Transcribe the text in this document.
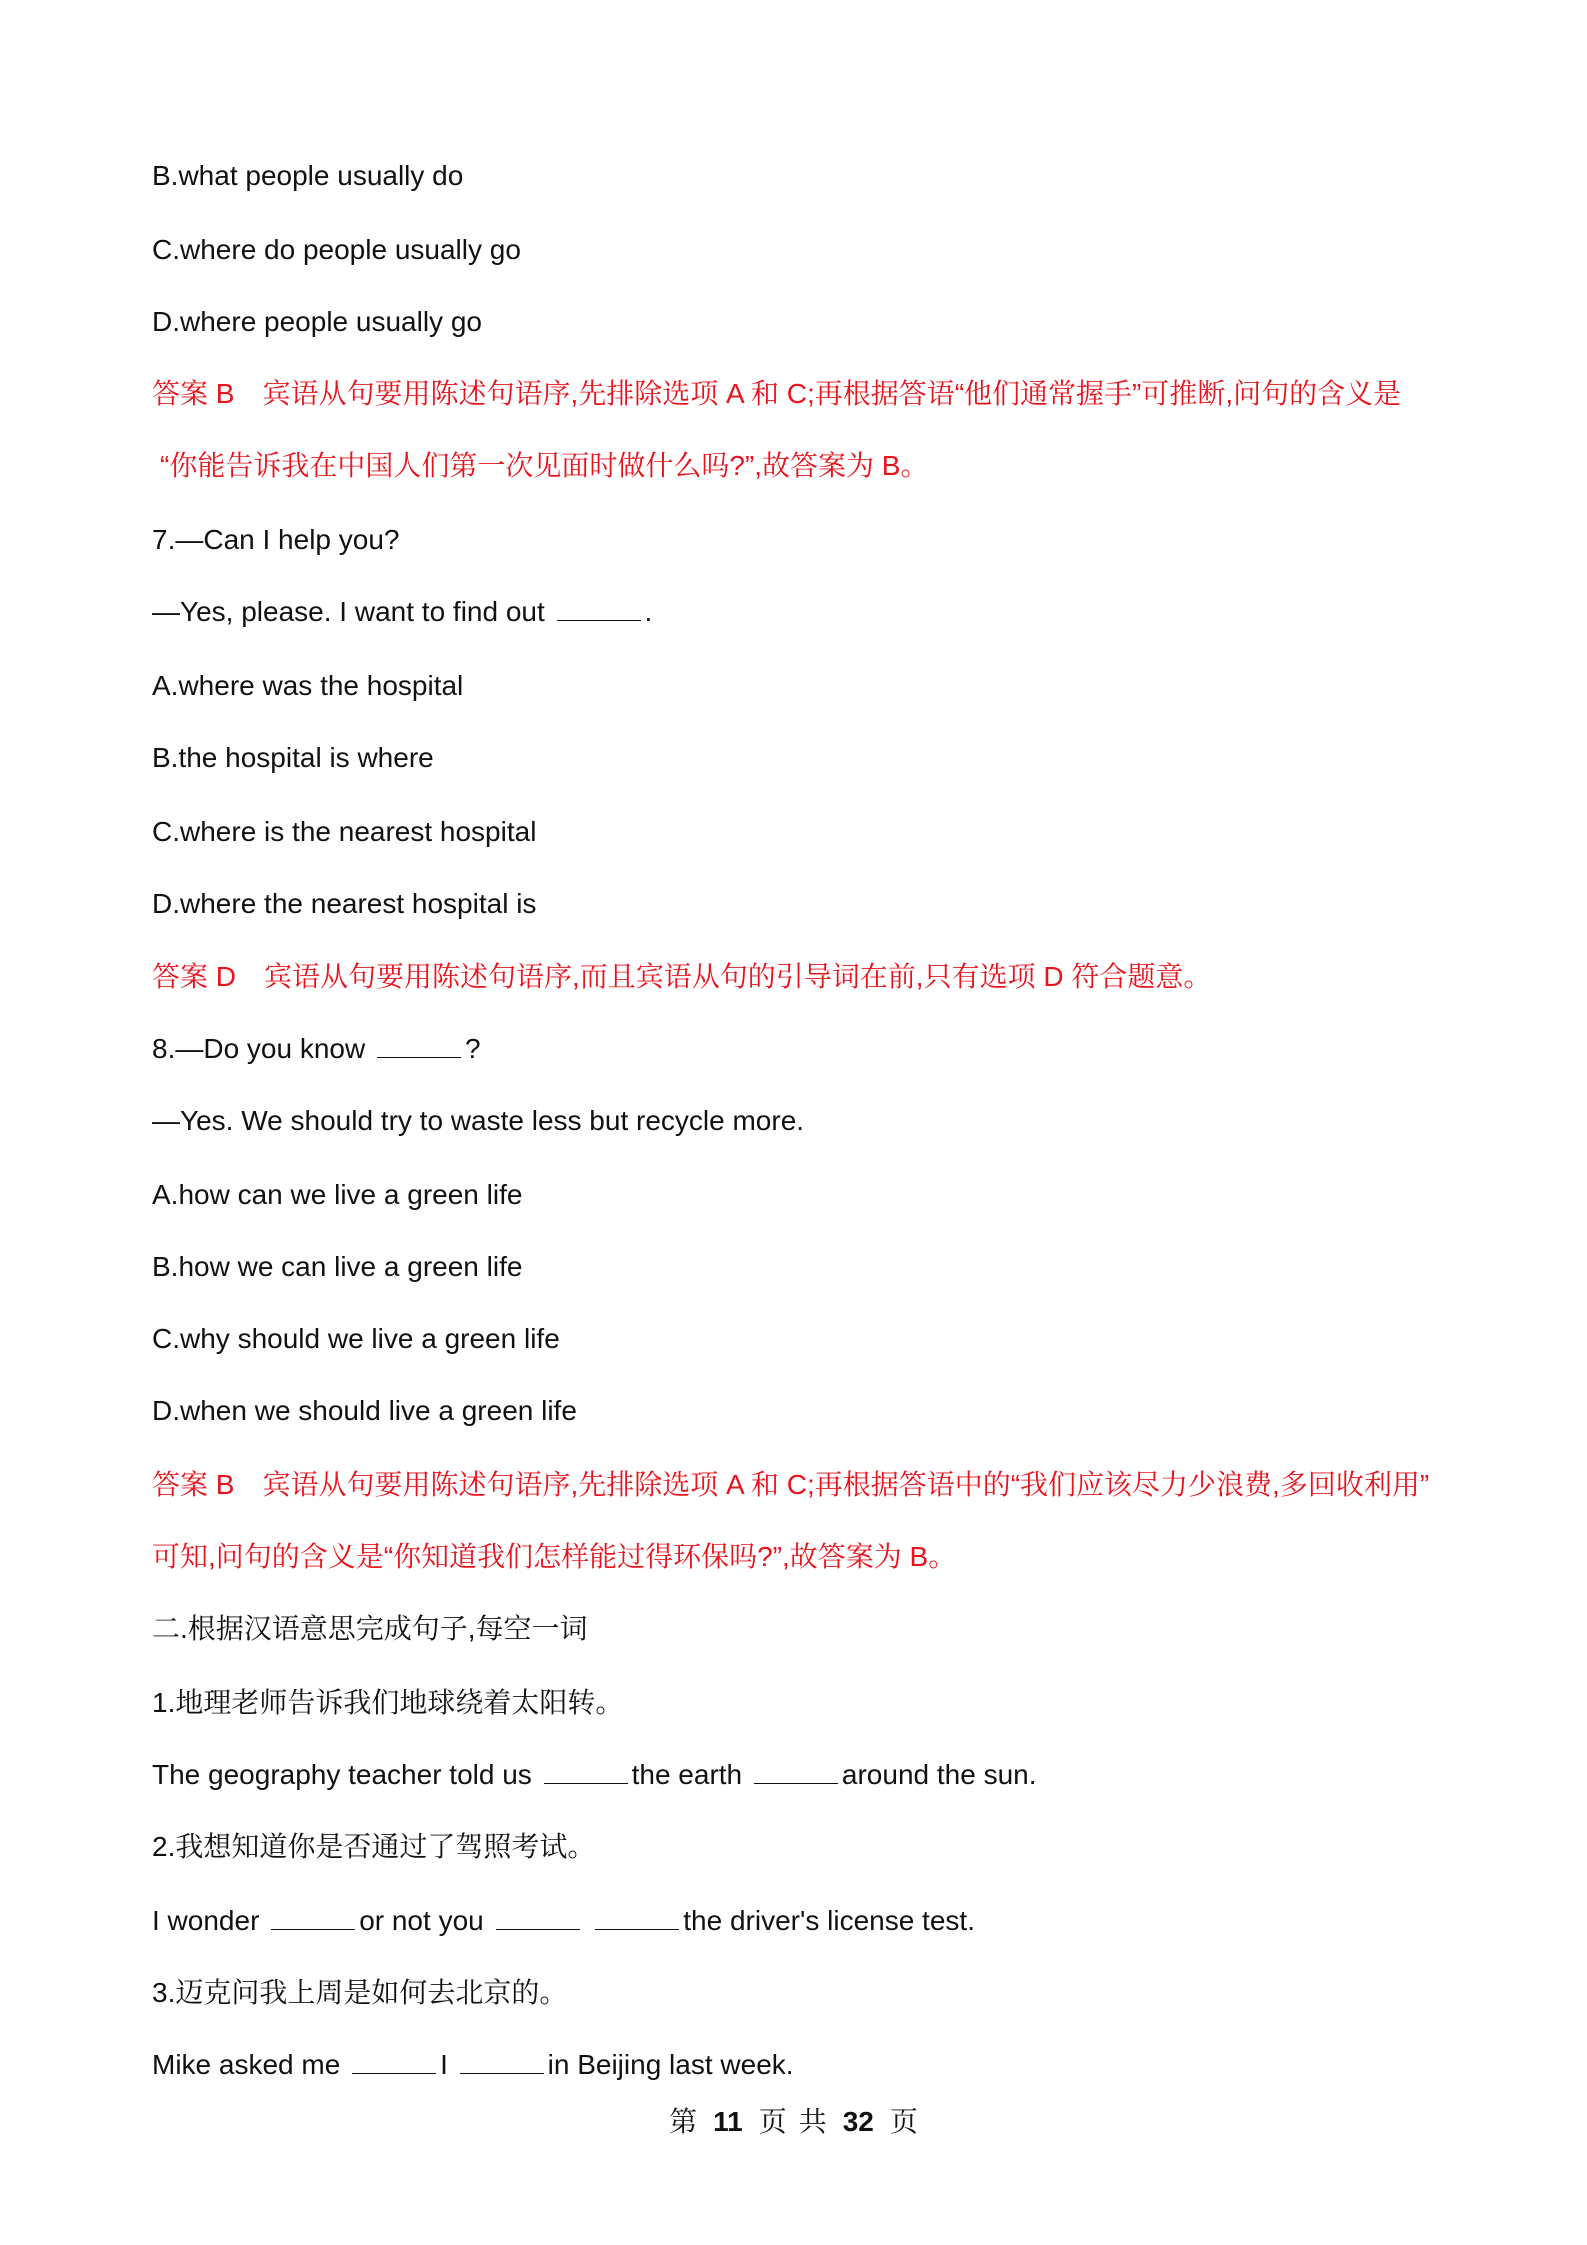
B.what people usually do
C.where do people usually go
D.where people usually go
答案 B 宾语从句要用陈述句语序,先排除选项 A 和 C;再根据答语“他们通常握手”可推断,问句的含义是
“你能告诉我在中国人们第一次见面时做什么吗?”,故答案为 B。
7.—Can I help you?
—Yes, please. I want to find out	.
A.where was the hospital
B.the hospital is where
C.where is the nearest hospital
D.where the nearest hospital is
答案 D 宾语从句要用陈述句语序,而且宾语从句的引导词在前,只有选项 D 符合题意。
8.—Do you know	?
—Yes. We should try to waste less but recycle more.
A.how can we live a green life
B.how we can live a green life
C.why should we live a green life
D.when we should live a green life
答案 B 宾语从句要用陈述句语序,先排除选项 A 和 C;再根据答语中的“我们应该尽力少浪费,多回收利用”
可知,问句的含义是“你知道我们怎样能过得环保吗?”,故答案为 B。
二.根据汉语意思完成句子,每空一词
1.地理老师告诉我们地球绕着太阳转。
The geography teacher told us	the earth	around the sun.
2.我想知道你是否通过了驾照考试。
I wonder	or not you	the driver's license test.
3.迈克问我上周是如何去北京的。
Mike asked me	I	in Beijing last week.
第 11 页 共 32 页
